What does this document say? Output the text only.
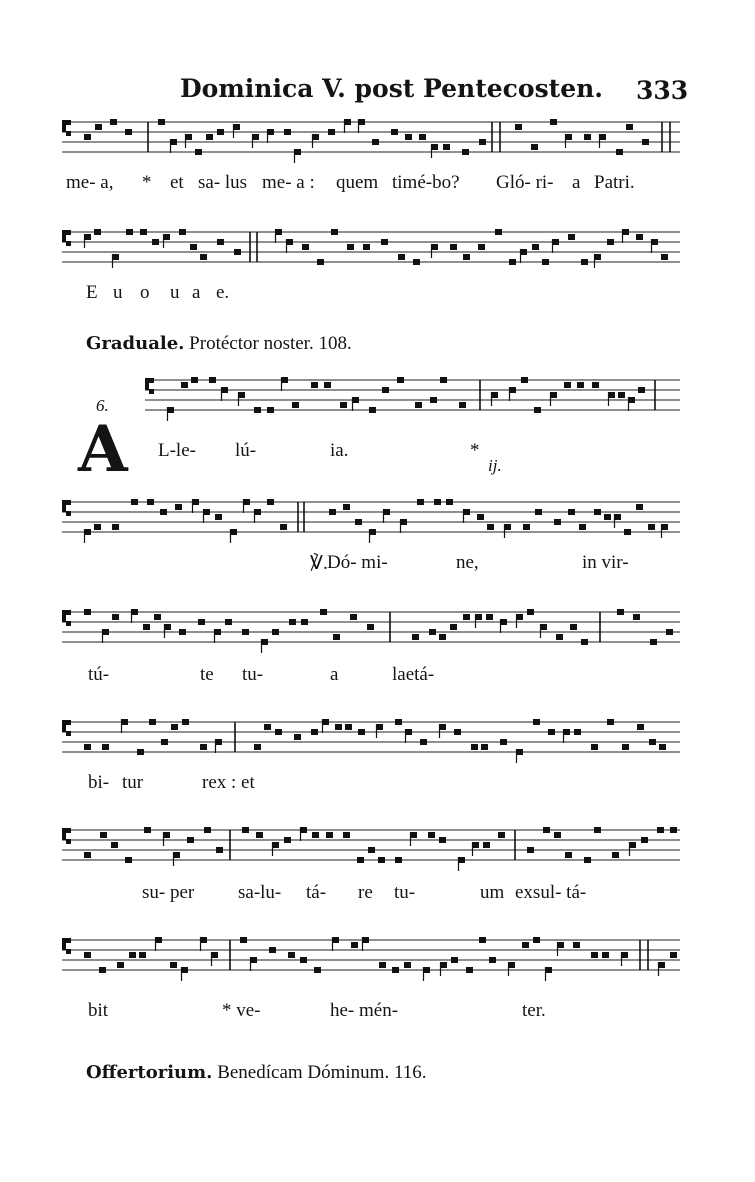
Dominica V. post Pentecosten. 333
me- a, * et sa- lus me- a : quem timé-bo? Gló- ri- a Patri.
E u o u a e.
L-le- lú-	ia.	*
℣. Dó- mi-	ne,	in vir-
tú-	te tu-	a	laetá-
bi- tur	rex : et
su- per sa-lu- tá- re tu-	um exsul- tá-
bit	* ve-	he- mén-	ter.
Graduale. Protéctor noster. 108.
6.
A	ij.
Offertorium. Benedícam Dóminum. 116.
